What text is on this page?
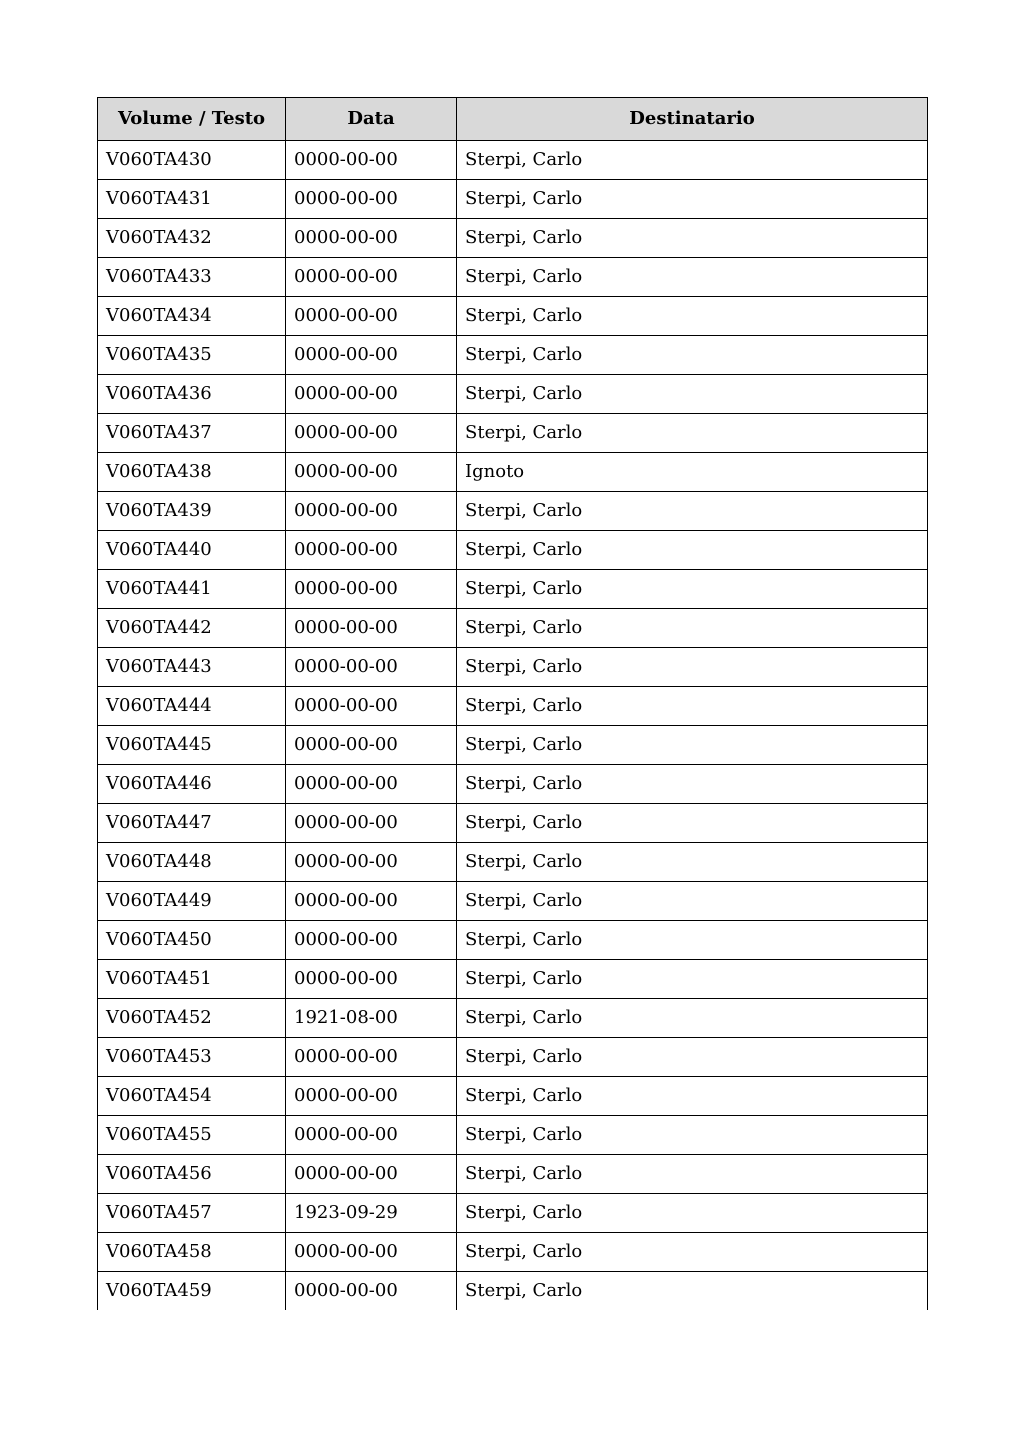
Volume / Testo	Data	Destinatario
V060TA430	0000-00-00	Sterpi, Carlo
V060TA431	0000-00-00	Sterpi, Carlo
V060TA432	0000-00-00	Sterpi, Carlo
V060TA433	0000-00-00	Sterpi, Carlo
V060TA434	0000-00-00	Sterpi, Carlo
V060TA435	0000-00-00	Sterpi, Carlo
V060TA436	0000-00-00	Sterpi, Carlo
V060TA437	0000-00-00	Sterpi, Carlo
V060TA438	0000-00-00	Ignoto
V060TA439	0000-00-00	Sterpi, Carlo
V060TA440	0000-00-00	Sterpi, Carlo
V060TA441	0000-00-00	Sterpi, Carlo
V060TA442	0000-00-00	Sterpi, Carlo
V060TA443	0000-00-00	Sterpi, Carlo
V060TA444	0000-00-00	Sterpi, Carlo
V060TA445	0000-00-00	Sterpi, Carlo
V060TA446	0000-00-00	Sterpi, Carlo
V060TA447	0000-00-00	Sterpi, Carlo
V060TA448	0000-00-00	Sterpi, Carlo
V060TA449	0000-00-00	Sterpi, Carlo
V060TA450	0000-00-00	Sterpi, Carlo
V060TA451	0000-00-00	Sterpi, Carlo
V060TA452	1921-08-00	Sterpi, Carlo
V060TA453	0000-00-00	Sterpi, Carlo
V060TA454	0000-00-00	Sterpi, Carlo
V060TA455	0000-00-00	Sterpi, Carlo
V060TA456	0000-00-00	Sterpi, Carlo
V060TA457	1923-09-29	Sterpi, Carlo
V060TA458	0000-00-00	Sterpi, Carlo
V060TA459	0000-00-00	Sterpi, Carlo
